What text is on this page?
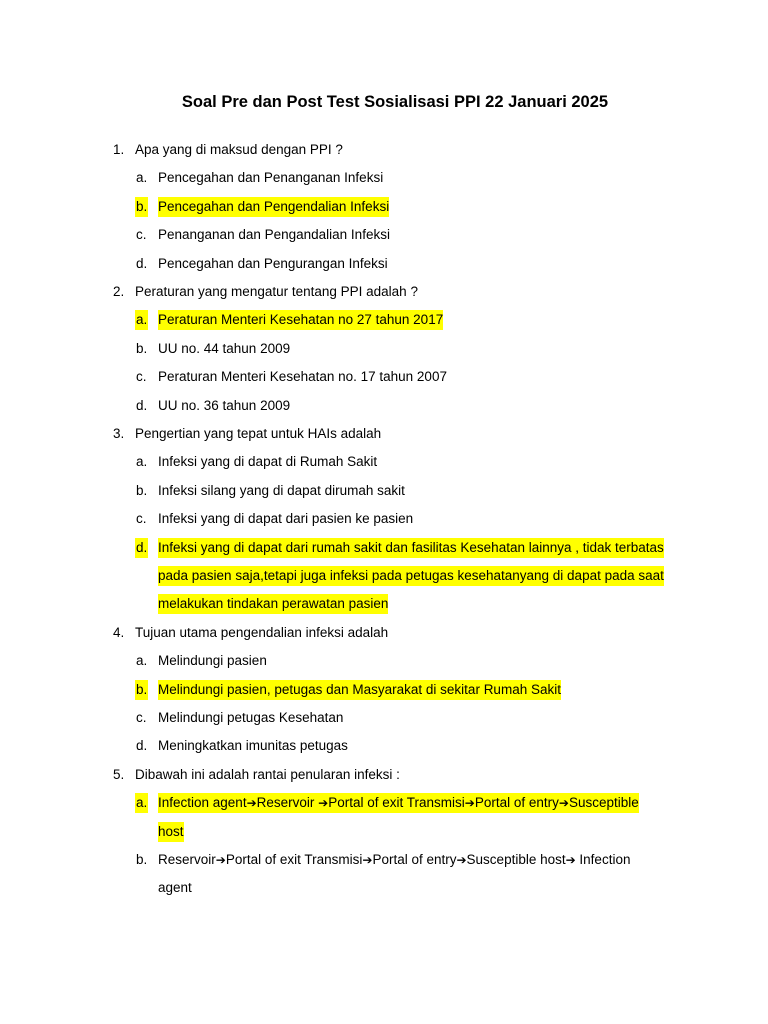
Soal Pre dan Post Test Sosialisasi PPI 22 Januari 2025
1. Apa yang di maksud dengan PPI ?
a. Pencegahan dan Penanganan Infeksi
b. Pencegahan dan Pengendalian Infeksi
c. Penanganan dan Pengandalian Infeksi
d. Pencegahan dan Pengurangan Infeksi
2. Peraturan yang mengatur tentang PPI adalah ?
a. Peraturan Menteri Kesehatan no 27 tahun 2017
b. UU no. 44 tahun 2009
c. Peraturan Menteri Kesehatan no. 17 tahun 2007
d. UU no. 36 tahun 2009
3. Pengertian yang tepat untuk HAIs adalah
a. Infeksi yang di dapat di Rumah Sakit
b. Infeksi silang yang di dapat dirumah sakit
c. Infeksi yang di dapat dari pasien ke pasien
d. Infeksi yang di dapat dari rumah sakit dan fasilitas Kesehatan lainnya , tidak terbatas
pada pasien saja,tetapi juga infeksi pada petugas kesehatanyang di dapat pada saat
melakukan tindakan perawatan pasien
4. Tujuan utama pengendalian infeksi adalah
a. Melindungi pasien
b. Melindungi pasien, petugas dan Masyarakat di sekitar Rumah Sakit
c. Melindungi petugas Kesehatan
d. Meningkatkan imunitas petugas
5. Dibawah ini adalah rantai penularan infeksi :
a. Infection agent➔Reservoir ➔Portal of exit Transmisi➔Portal of entry➔Susceptible
host
b. Reservoir➔Portal of exit Transmisi➔Portal of entry➔Susceptible host➔ Infection
agent
